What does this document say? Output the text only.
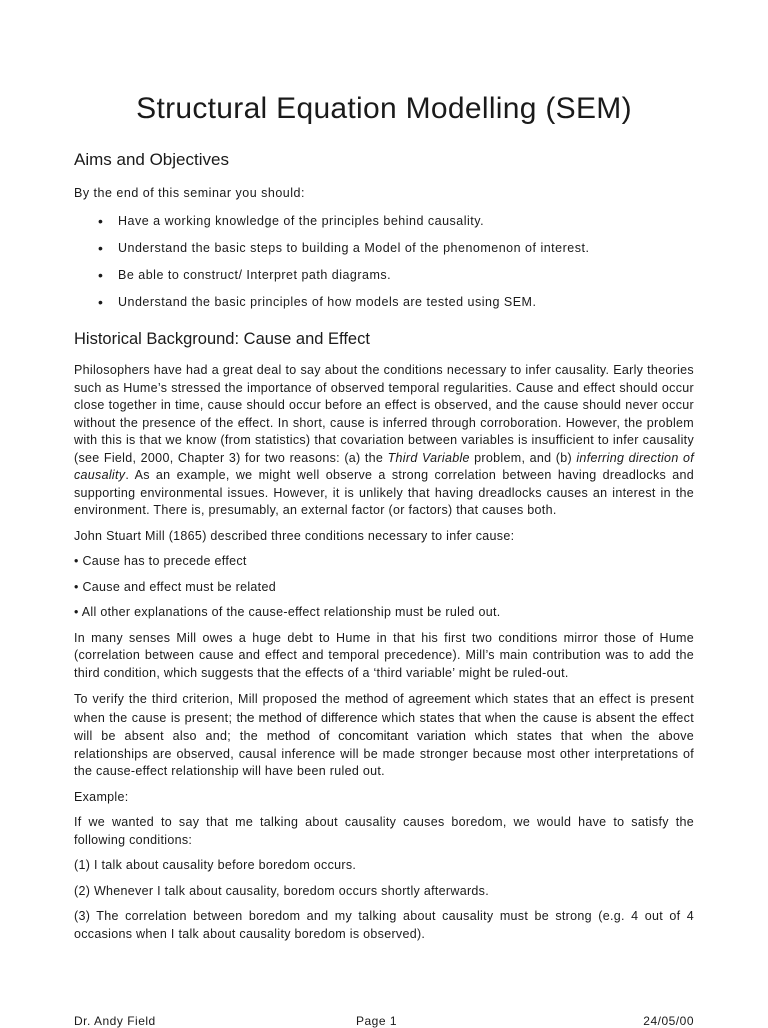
Structural Equation Modelling (SEM)
Aims and Objectives

By the end of this seminar you should:

• Have a working knowledge of the principles behind causality.
• Understand the basic steps to building a Model of the phenomenon of interest.
• Be able to construct/ Interpret path diagrams.
• Understand the basic principles of how models are tested using SEM.
Historical Background: Cause and Effect

Philosophers have had a great deal to say about the conditions necessary to infer causality. Early theories such as Hume’s stressed the importance of observed temporal regularities. Cause and effect should occur close together in time, cause should occur before an effect is observed, and the cause should never occur without the presence of the effect. In short, cause is inferred through corroboration. However, the problem with this is that we know (from statistics) that covariation between variables is insufficient to infer causality (see Field, 2000, Chapter 3) for two reasons: (a) the Third Variable problem, and (b) inferring direction of causality. As an example, we might well observe a strong correlation between having dreadlocks and supporting environmental issues. However, it is unlikely that having dreadlocks causes an interest in the environment. There is, presumably, an external factor (or factors) that causes both.

John Stuart Mill (1865) described three conditions necessary to infer cause:

• Cause has to precede effect

• Cause and effect must be related

• All other explanations of the cause-effect relationship must be ruled out.

In many senses Mill owes a huge debt to Hume in that his first two conditions mirror those of Hume (correlation between cause and effect and temporal precedence). Mill’s main contribution was to add the third condition, which suggests that the effects of a ‘third variable’ might be ruled-out.

To verify the third criterion, Mill proposed the method of agreement which states that an effect is present when the cause is present; the method of difference which states that when the cause is absent the effect will be absent also and; the method of concomitant variation which states that when the above relationships are observed, causal inference will be made stronger because most other interpretations of the cause-effect relationship will have been ruled out.

Example:

If we wanted to say that me talking about causality causes boredom, we would have to satisfy the following conditions:

(1) I talk about causality before boredom occurs.

(2) Whenever I talk about causality, boredom occurs shortly afterwards.

(3) The correlation between boredom and my talking about causality must be strong (e.g. 4 out of 4 occasions when I talk about causality boredom is observed).

Dr. Andy Field	Page 1	24/05/00
